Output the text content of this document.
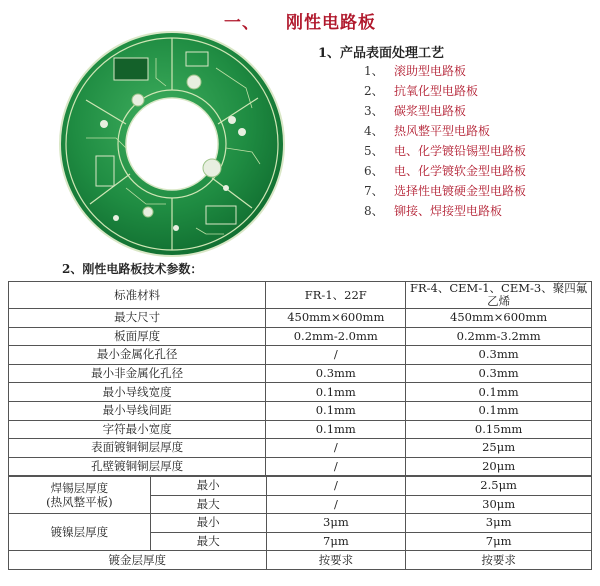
一、 刚性电路板
1、产品表面处理工艺
1、 滚助型电路板
2、 抗氧化型电路板
3、 碳浆型电路板
4、 热风整平型电路板
5、 电、化学镀铅锡型电路板
6、 电、化学镀软金型电路板
7、 选择性电镀硬金型电路板
8、 铆接、焊接型电路板
2、刚性电路板技术参数：
标准材料	FR-1、22F	FR-4、CEM-1、CEM-3、聚四氟乙烯
最大尺寸	450mm×600mm	450mm×600mm
板面厚度	0.2mm-2.0mm	0.2mm-3.2mm
最小金属化孔径	/	0.3mm
最小非金属化孔径	0.3mm	0.3mm
最小导线宽度	0.1mm	0.1mm
最小导线间距	0.1mm	0.1mm
字符最小宽度	0.1mm	0.15mm
表面镀铜铜层厚度	/	25μm
孔壁镀铜铜层厚度	/	20μm
焊锡层厚度
(热风整平板)	最小	/	2.5μm
	最大	/	30μm
镀镍层厚度	最小	3μm	3μm
	最大	7μm	7μm
镀金层厚度		按要求	按要求
